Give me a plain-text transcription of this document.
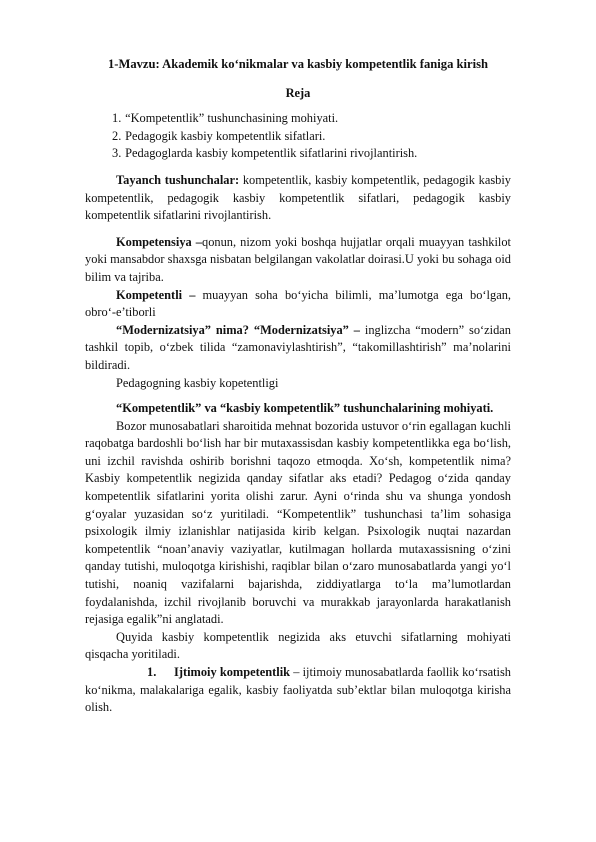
1-Mavzu: Akademik ko‘nikmalar va kasbiy kompetentlik faniga kirish
Reja
1. “Kompetentlik” tushunchasining mohiyati.
2. Pedagogik kasbiy kompetentlik sifatlari.
3. Pedagoglarda kasbiy kompetentlik sifatlarini rivojlantirish.

Tayanch tushunchalar: kompetentlik, kasbiy kompetentlik, pedagogik kasbiy kompetentlik, pedagogik kasbiy kompetentlik sifatlari, pedagogik kasbiy kompetentlik sifatlarini rivojlantirish.

Kompetensiya –qonun, nizom yoki boshqa hujjatlar orqali muayyan tashkilot yoki mansabdor shaxsga nisbatan belgilangan vakolatlar doirasi.U yoki bu sohaga oid bilim va tajriba.

Kompetentli – muayyan soha bo‘yicha bilimli, ma’lumotga ega bo‘lgan, obro‘-e’tiborli

“Modernizatsiya” nima? “Modernizatsiya” – inglizcha “modern” so‘zidan tashkil topib, o‘zbek tilida “zamonaviylashtirish”, “takomillashtirish” ma’nolarini bildiradi.

Pedagogning kasbiy kopetentligi

“Kompetentlik” va “kasbiy kompetentlik” tushunchalarining mohiyati.

Bozor munosabatlari sharoitida mehnat bozorida ustuvor o‘rin egallagan kuchli raqobatga bardoshli bo‘lish har bir mutaxassisdan kasbiy kompetentlikka ega bo‘lish, uni izchil ravishda oshirib borishni taqozo etmoqda. Xo‘sh, kompetentlik nima? Kasbiy kompetentlik negizida qanday sifatlar aks etadi? Pedagog o‘zida qanday kompetentlik sifatlarini yorita olishi zarur. Ayni o‘rinda shu va shunga yondosh g‘oyalar yuzasidan so‘z yuritiladi. “Kompetentlik” tushunchasi ta’lim sohasiga psixologik ilmiy izlanishlar natijasida kirib kelgan. Psixologik nuqtai nazardan kompetentlik “noan’anaviy vaziyatlar, kutilmagan hollarda mutaxassisning o‘zini qanday tutishi, muloqotga kirishishi, raqiblar bilan o‘zaro munosabatlarda yangi yo‘l tutishi, noaniq vazifalarni bajarishda, ziddiyatlarga to‘la ma’lumotlardan foydalanishda, izchil rivojlanib boruvchi va murakkab jarayonlarda harakatlanish rejasiga egalik”ni anglatadi.

Quyida kasbiy kompetentlik negizida aks etuvchi sifatlarning mohiyati qisqacha yoritiladi.

1. Ijtimoiy kompetentlik – ijtimoiy munosabatlarda faollik ko‘rsatish ko‘nikma, malakalariga egalik, kasbiy faoliyatda sub’ektlar bilan muloqotga kirisha olish.
